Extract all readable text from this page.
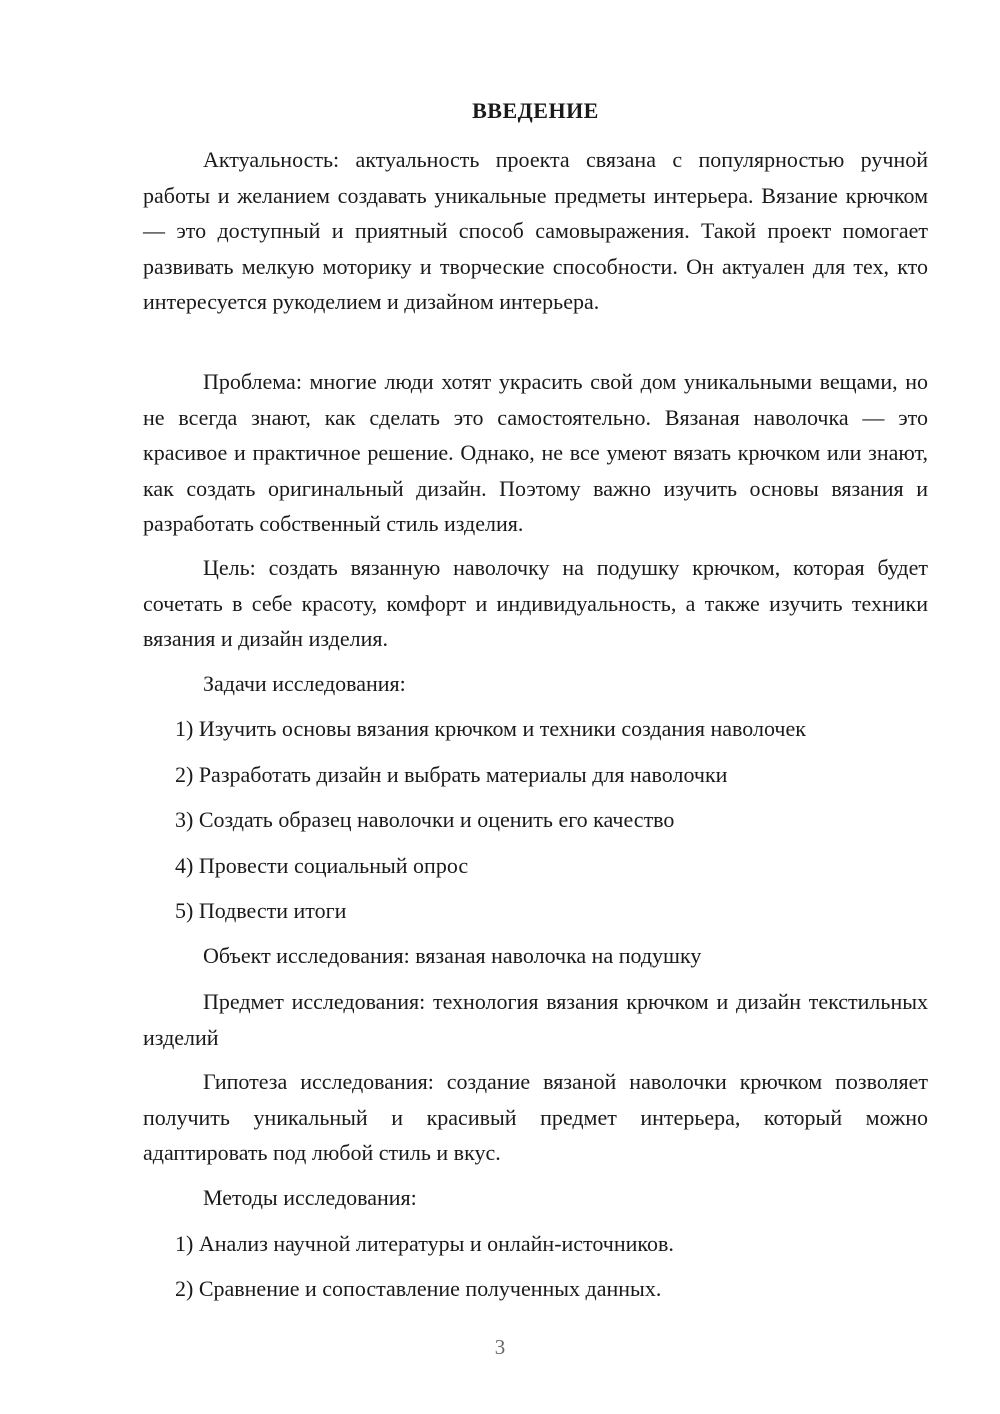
ВВЕДЕНИЕ

Актуальность: актуальность проекта связана с популярностью ручной работы и желанием создавать уникальные предметы интерьера. Вязание крючком — это доступный и приятный способ самовыражения. Такой проект помогает развивать мелкую моторику и творческие способности. Он актуален для тех, кто интересуется рукоделием и дизайном интерьера.

Проблема: многие люди хотят украсить свой дом уникальными вещами, но не всегда знают, как сделать это самостоятельно. Вязаная наволочка — это красивое и практичное решение. Однако, не все умеют вязать крючком или знают, как создать оригинальный дизайн. Поэтому важно изучить основы вязания и разработать собственный стиль изделия.

Цель: создать вязанную наволочку на подушку крючком, которая будет сочетать в себе красоту, комфорт и индивидуальность, а также изучить техники вязания и дизайн изделия.

Задачи исследования:

1) Изучить основы вязания крючком и техники создания наволочек

2) Разработать дизайн и выбрать материалы для наволочки

3) Создать образец наволочки и оценить его качество

4) Провести социальный опрос

5) Подвести итоги

Объект исследования: вязаная наволочка на подушку

Предмет исследования: технология вязания крючком и дизайн текстильных изделий

Гипотеза исследования: создание вязаной наволочки крючком позволяет получить уникальный и красивый предмет интерьера, который можно адаптировать под любой стиль и вкус.

Методы исследования:

1) Анализ научной литературы и онлайн-источников.

2) Сравнение и сопоставление полученных данных.

3
